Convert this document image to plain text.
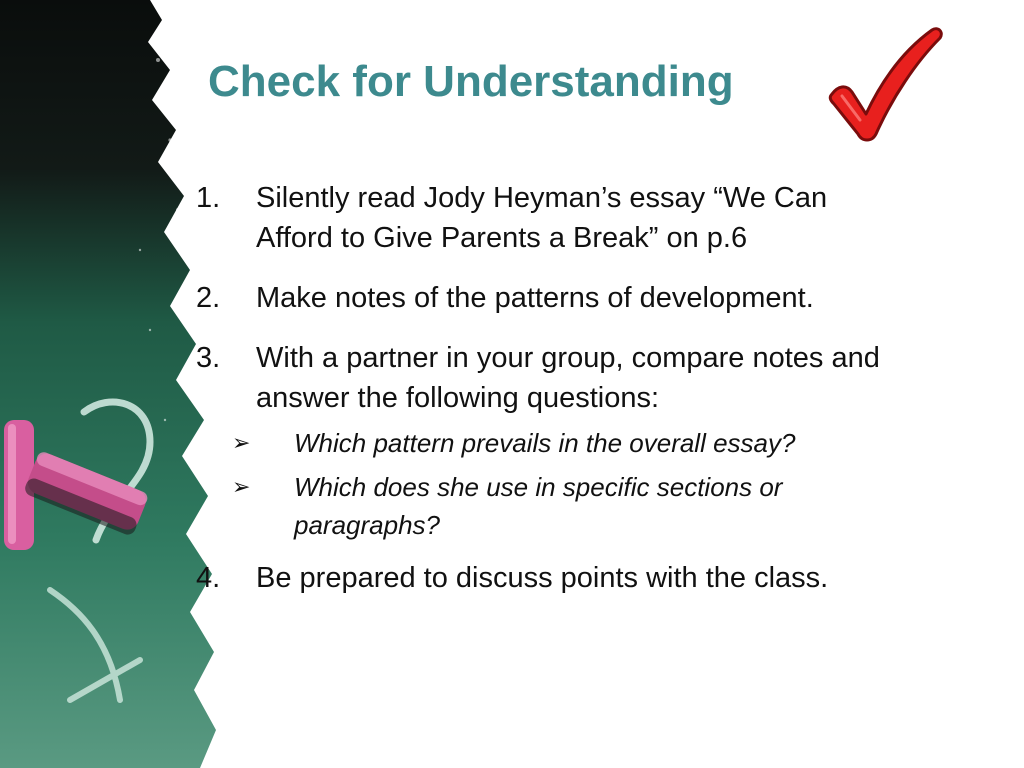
Check for Understanding
1. Silently read Jody Heyman’s essay “We Can
Afford to Give Parents a Break” on p.6
2. Make notes of the patterns of development.
3. With a partner in your group, compare notes and
answer the following questions:
➢ Which pattern prevails in the overall essay?
➢ Which does she use in specific sections or
paragraphs?
4. Be prepared to discuss points with the class.
